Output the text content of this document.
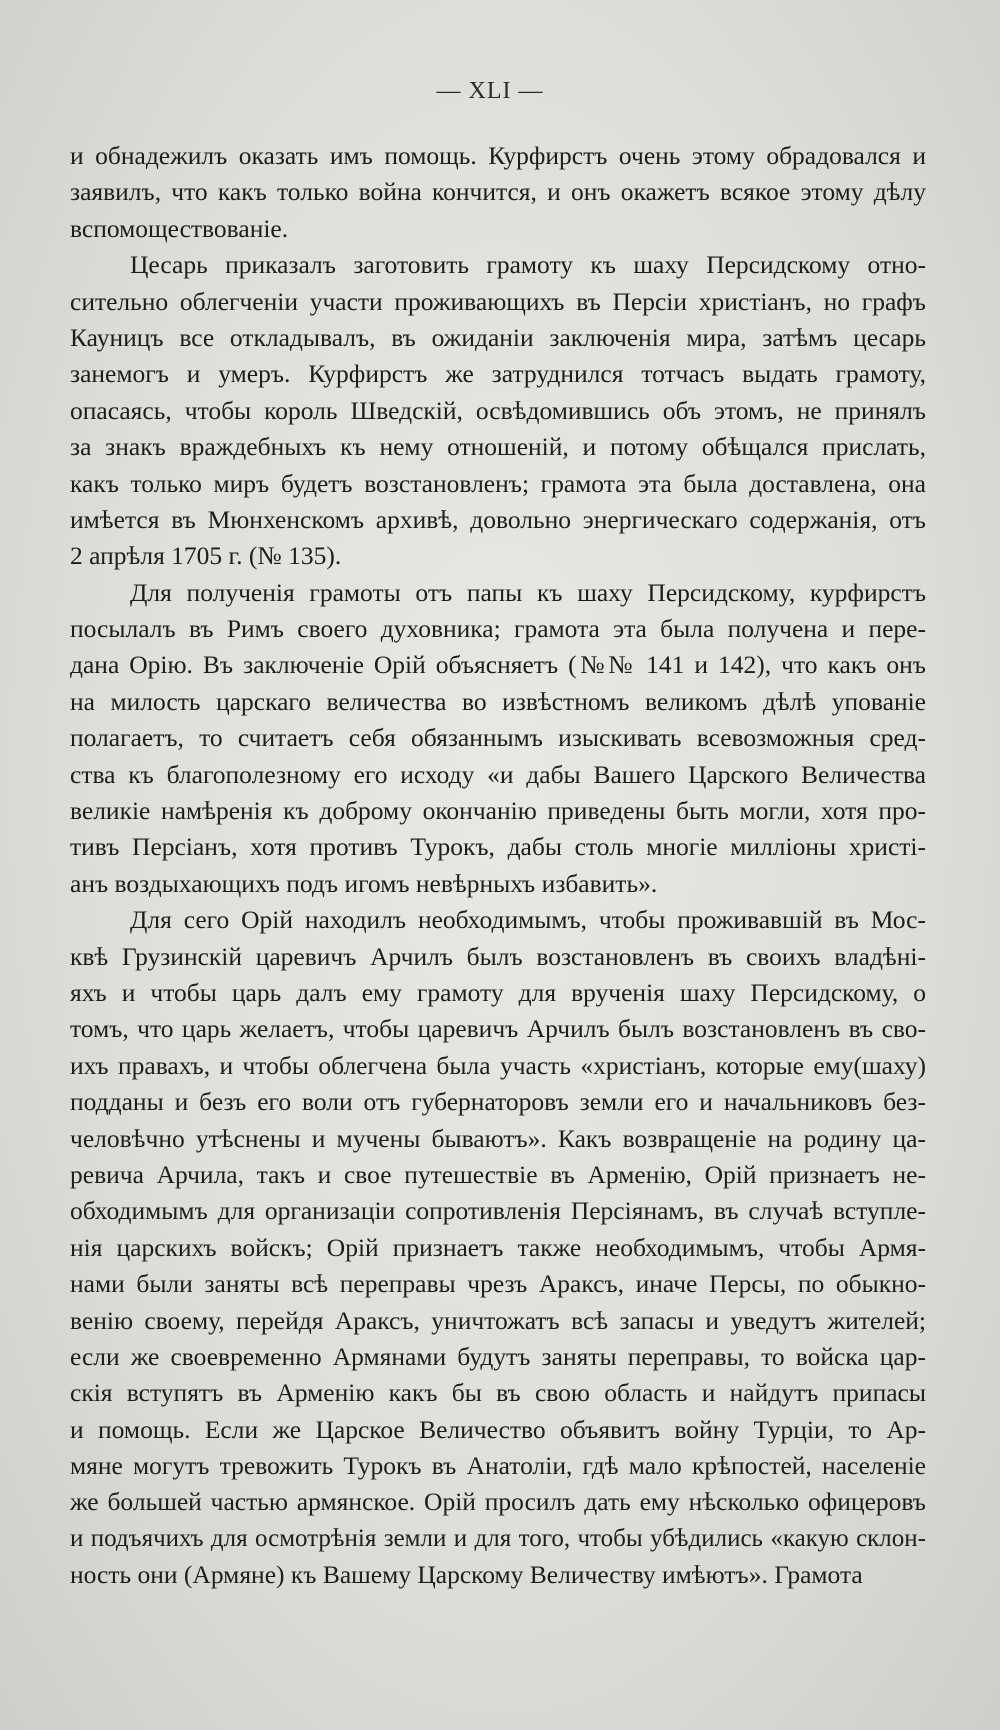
— XLI —
и обнадежилъ оказать имъ помощь. Курфирстъ очень этому обрадовался и
заявилъ, что какъ только война кончится, и онъ окажетъ всякое этому дѣлу
вспомоществованіе.
Цесарь приказалъ заготовить грамоту къ шаху Персидскому отно-
сительно облегченіи участи проживающихъ въ Персіи христіанъ, но графъ
Кауницъ все откладывалъ, въ ожиданіи заключенія мира, затѣмъ цесарь
занемогъ и умеръ. Курфирстъ же затруднился тотчасъ выдать грамоту,
опасаясь, чтобы король Шведскій, освѣдомившись объ этомъ, не принялъ
за знакъ враждебныхъ къ нему отношеній, и потому обѣщался прислать,
какъ только миръ будетъ возстановленъ; грамота эта была доставлена, она
имѣется въ Мюнхенскомъ архивѣ, довольно энергическаго содержанія, отъ
2 апрѣля 1705 г. (№ 135).
Для полученія грамоты отъ папы къ шаху Персидскому, курфирстъ
посылалъ въ Римъ своего духовника; грамота эта была получена и пере-
дана Орію. Въ заключеніе Орій объясняетъ (№№ 141 и 142), что какъ онъ
на милость царскаго величества во извѣстномъ великомъ дѣлѣ упованіе
полагаетъ, то считаетъ себя обязаннымъ изыскивать всевозможныя сред-
ства къ благополезному его исходу «и дабы Вашего Царского Величества
великіе намѣренія къ доброму окончанію приведены быть могли, хотя про-
тивъ Персіанъ, хотя противъ Турокъ, дабы столь многіе милліоны христі-
анъ воздыхающихъ подъ игомъ невѣрныхъ избавить».
Для сего Орій находилъ необходимымъ, чтобы проживавшій въ Мос-
квѣ Грузинскій царевичъ Арчилъ былъ возстановленъ въ своихъ владѣні-
яхъ и чтобы царь далъ ему грамоту для врученія шаху Персидскому, о
томъ, что царь желаетъ, чтобы царевичъ Арчилъ былъ возстановленъ въ сво-
ихъ правахъ, и чтобы облегчена была участь «христіанъ, которые ему(шаху)
подданы и безъ его воли отъ губернаторовъ земли его и начальниковъ без-
человѣчно утѣснены и мучены бываютъ». Какъ возвращеніе на родину ца-
ревича Арчила, такъ и свое путешествіе въ Арменію, Орій признаетъ не-
обходимымъ для организаціи сопротивленія Персіянамъ, въ случаѣ вступле-
нія царскихъ войскъ; Орій признаетъ также необходимымъ, чтобы Армя-
нами были заняты всѣ переправы чрезъ Араксъ, иначе Персы, по обыкно-
венію своему, перейдя Араксъ, уничтожатъ всѣ запасы и уведутъ жителей;
если же своевременно Армянами будутъ заняты переправы, то войска цар-
скія вступятъ въ Арменію какъ бы въ свою область и найдутъ припасы
и помощь. Если же Царское Величество объявитъ войну Турціи, то Ар-
мяне могутъ тревожить Турокъ въ Анатоліи, гдѣ мало крѣпостей, населеніе
же большей частью армянское. Орій просилъ дать ему нѣсколько офицеровъ
и подъячихъ для осмотрѣнія земли и для того, чтобы убѣдились «какую склон-
ность они (Армяне) къ Вашему Царскому Величеству имѣютъ». Грамота
